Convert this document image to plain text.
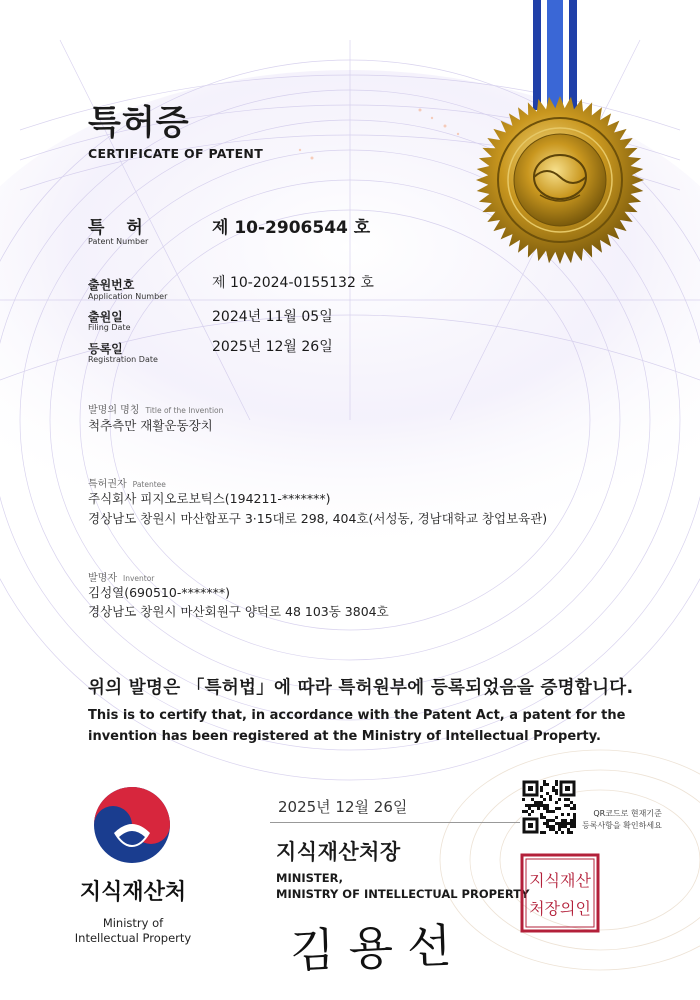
특허증
CERTIFICATE OF PATENT
특 허
Patent Number
제 10-2906544 호
출원번호
Application Number
제 10-2024-0155132 호
출원일
Filing Date
2024년 11월 05일
등록일
Registration Date
2025년 12월 26일
발명의 명칭 Title of the Invention
척추측만 재활운동장치
특허권자 Patentee
주식회사 피지오로보틱스(194211-*******)
경상남도 창원시 마산합포구 3·15대로 298, 404호(서성동, 경남대학교 창업보육관)
발명자 Inventor
김성열(690510-*******)
경상남도 창원시 마산회원구 양덕로 48 103동 3804호
위의 발명은 「특허법」에 따라 특허원부에 등록되었음을 증명합니다.
This is to certify that, in accordance with the Patent Act, a patent for the invention has been registered at the Ministry of Intellectual Property.
2025년 12월 26일
지식재산처장
MINISTER,
MINISTRY OF INTELLECTUAL PROPERTY
김용선
지식재산처
Ministry of
Intellectual Property
QR코드로 현재기준
등록사항을 확인하세요
지식재산
처장의인
